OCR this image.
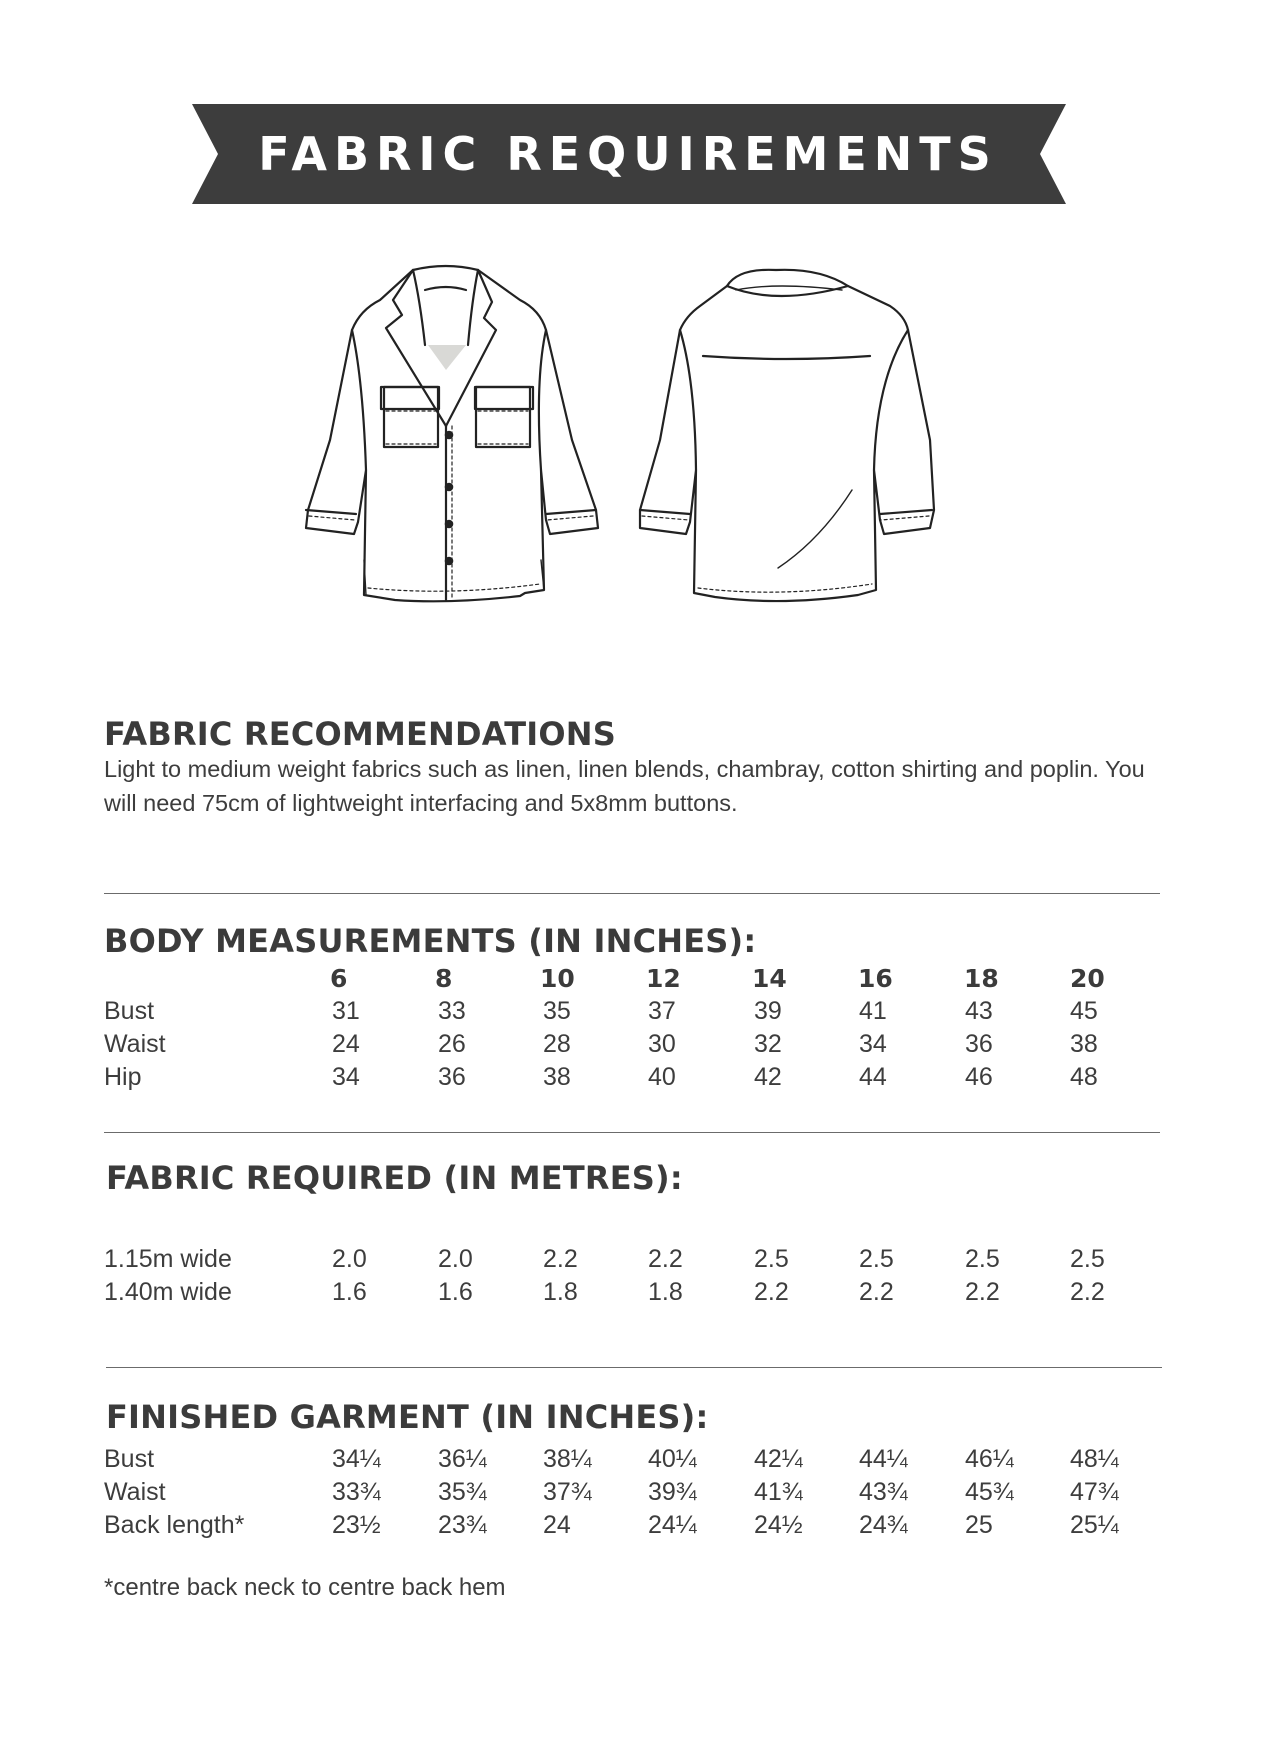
FABRIC REQUIREMENTS
FABRIC RECOMMENDATIONS
Light to medium weight fabrics such as linen, linen blends, chambray, cotton shirting and poplin. You
will need 75cm of lightweight interfacing and 5x8mm buttons.
BODY MEASUREMENTS (IN INCHES):
6	8	10	12	14	16	18	20
Bust	31	33	35	37	39	41	43	45
Waist	24	26	28	30	32	34	36	38
Hip	34	36	38	40	42	44	46	48
FABRIC REQUIRED (IN METRES):
1.15m wide	2.0	2.0	2.2	2.2	2.5	2.5	2.5	2.5
1.40m wide	1.6	1.6	1.8	1.8	2.2	2.2	2.2	2.2
FINISHED GARMENT (IN INCHES):
Bust	34¼ 36¼ 38¼ 40¼ 42¼ 44¼ 46¼ 48¼
Waist	33¾ 35¾ 37¾ 39¾ 41¾ 43¾ 45¾ 47¾
Back length*	23½ 23¾ 24	24¼ 24½ 24¾ 25	25¼
*centre back neck to centre back hem
